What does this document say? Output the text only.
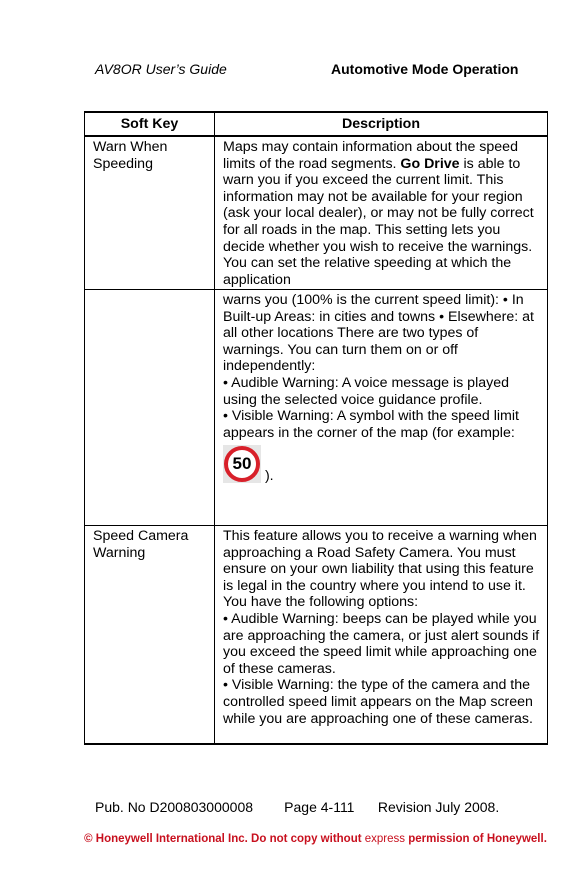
AV8OR User’s Guide	Automotive Mode Operation
Soft Key	Description

Warn When Speeding	Maps may contain information about the speed limits of the road segments. Go Drive is able to warn you if you exceed the current limit. This information may not be available for your region (ask your local dealer), or may not be fully correct for all roads in the map. This setting lets you decide whether you wish to receive the warnings. You can set the relative speeding at which the application

	warns you (100% is the current speed limit): • In Built-up Areas: in cities and towns • Elsewhere: at all other locations There are two types of warnings. You can turn them on or off independently:
• Audible Warning: A voice message is played using the selected voice guidance profile.
• Visible Warning: A symbol with the speed limit appears in the corner of the map (for example:
50
).

Speed Camera Warning	This feature allows you to receive a warning when approaching a Road Safety Camera. You must ensure on your own liability that using this feature is legal in the country where you intend to use it. You have the following options:
• Audible Warning: beeps can be played while you are approaching the camera, or just alert sounds if you exceed the speed limit while approaching one of these cameras.
• Visible Warning: the type of the camera and the controlled speed limit appears on the Map screen while you are approaching one of these cameras.
Pub. No D200803000008 Page 4-111 Revision July 2008.
© Honeywell International Inc. Do not copy without express permission of Honeywell.
